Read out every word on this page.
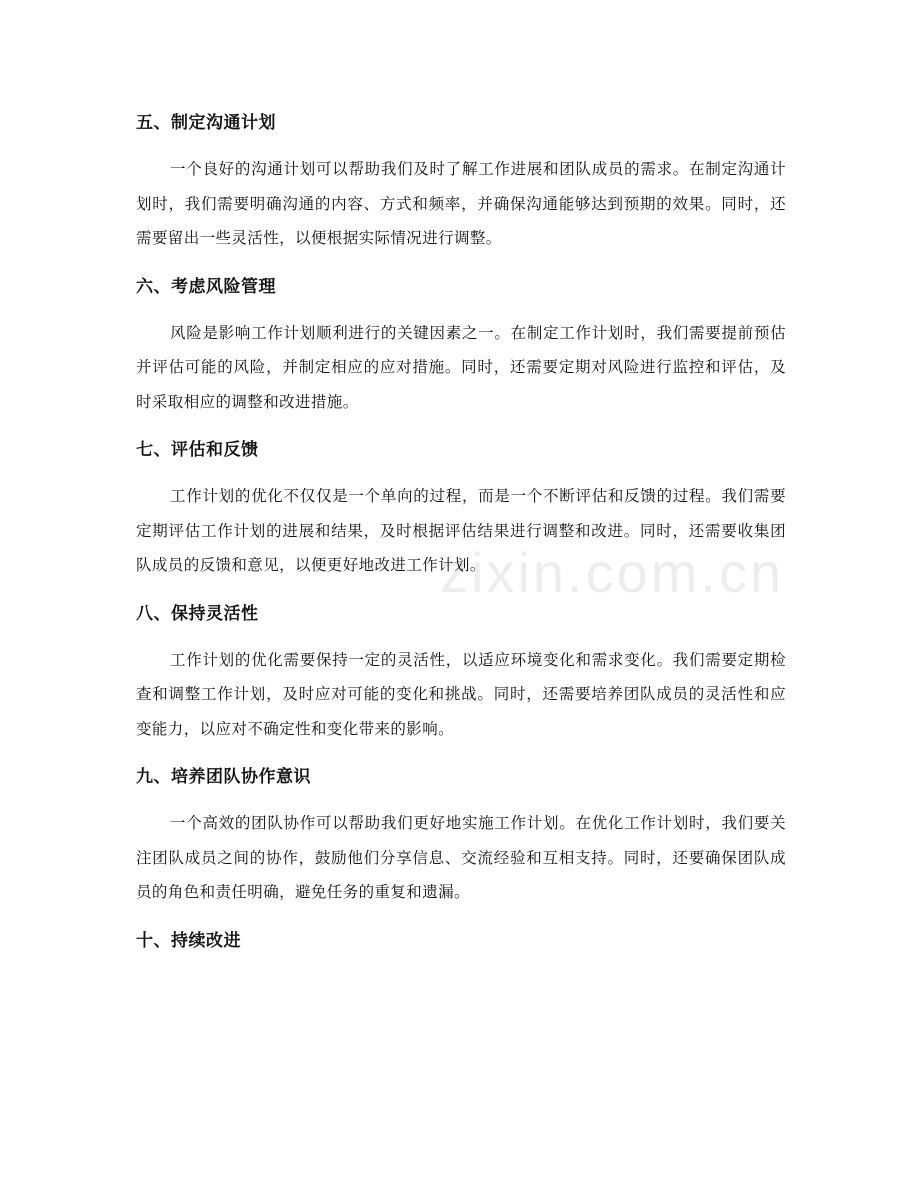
五、制定沟通计划

一个良好的沟通计划可以帮助我们及时了解工作进展和团队成员的需求。在制定沟通计划时，我们需要明确沟通的内容、方式和频率，并确保沟通能够达到预期的效果。同时，还需要留出一些灵活性，以便根据实际情况进行调整。

六、考虑风险管理

风险是影响工作计划顺利进行的关键因素之一。在制定工作计划时，我们需要提前预估并评估可能的风险，并制定相应的应对措施。同时，还需要定期对风险进行监控和评估，及时采取相应的调整和改进措施。

七、评估和反馈

工作计划的优化不仅仅是一个单向的过程，而是一个不断评估和反馈的过程。我们需要定期评估工作计划的进展和结果，及时根据评估结果进行调整和改进。同时，还需要收集团队成员的反馈和意见，以便更好地改进工作计划。

八、保持灵活性

工作计划的优化需要保持一定的灵活性，以适应环境变化和需求变化。我们需要定期检查和调整工作计划，及时应对可能的变化和挑战。同时，还需要培养团队成员的灵活性和应变能力，以应对不确定性和变化带来的影响。

九、培养团队协作意识

一个高效的团队协作可以帮助我们更好地实施工作计划。在优化工作计划时，我们要关注团队成员之间的协作，鼓励他们分享信息、交流经验和互相支持。同时，还要确保团队成员的角色和责任明确，避免任务的重复和遗漏。

十、持续改进
zixin.com.cn
